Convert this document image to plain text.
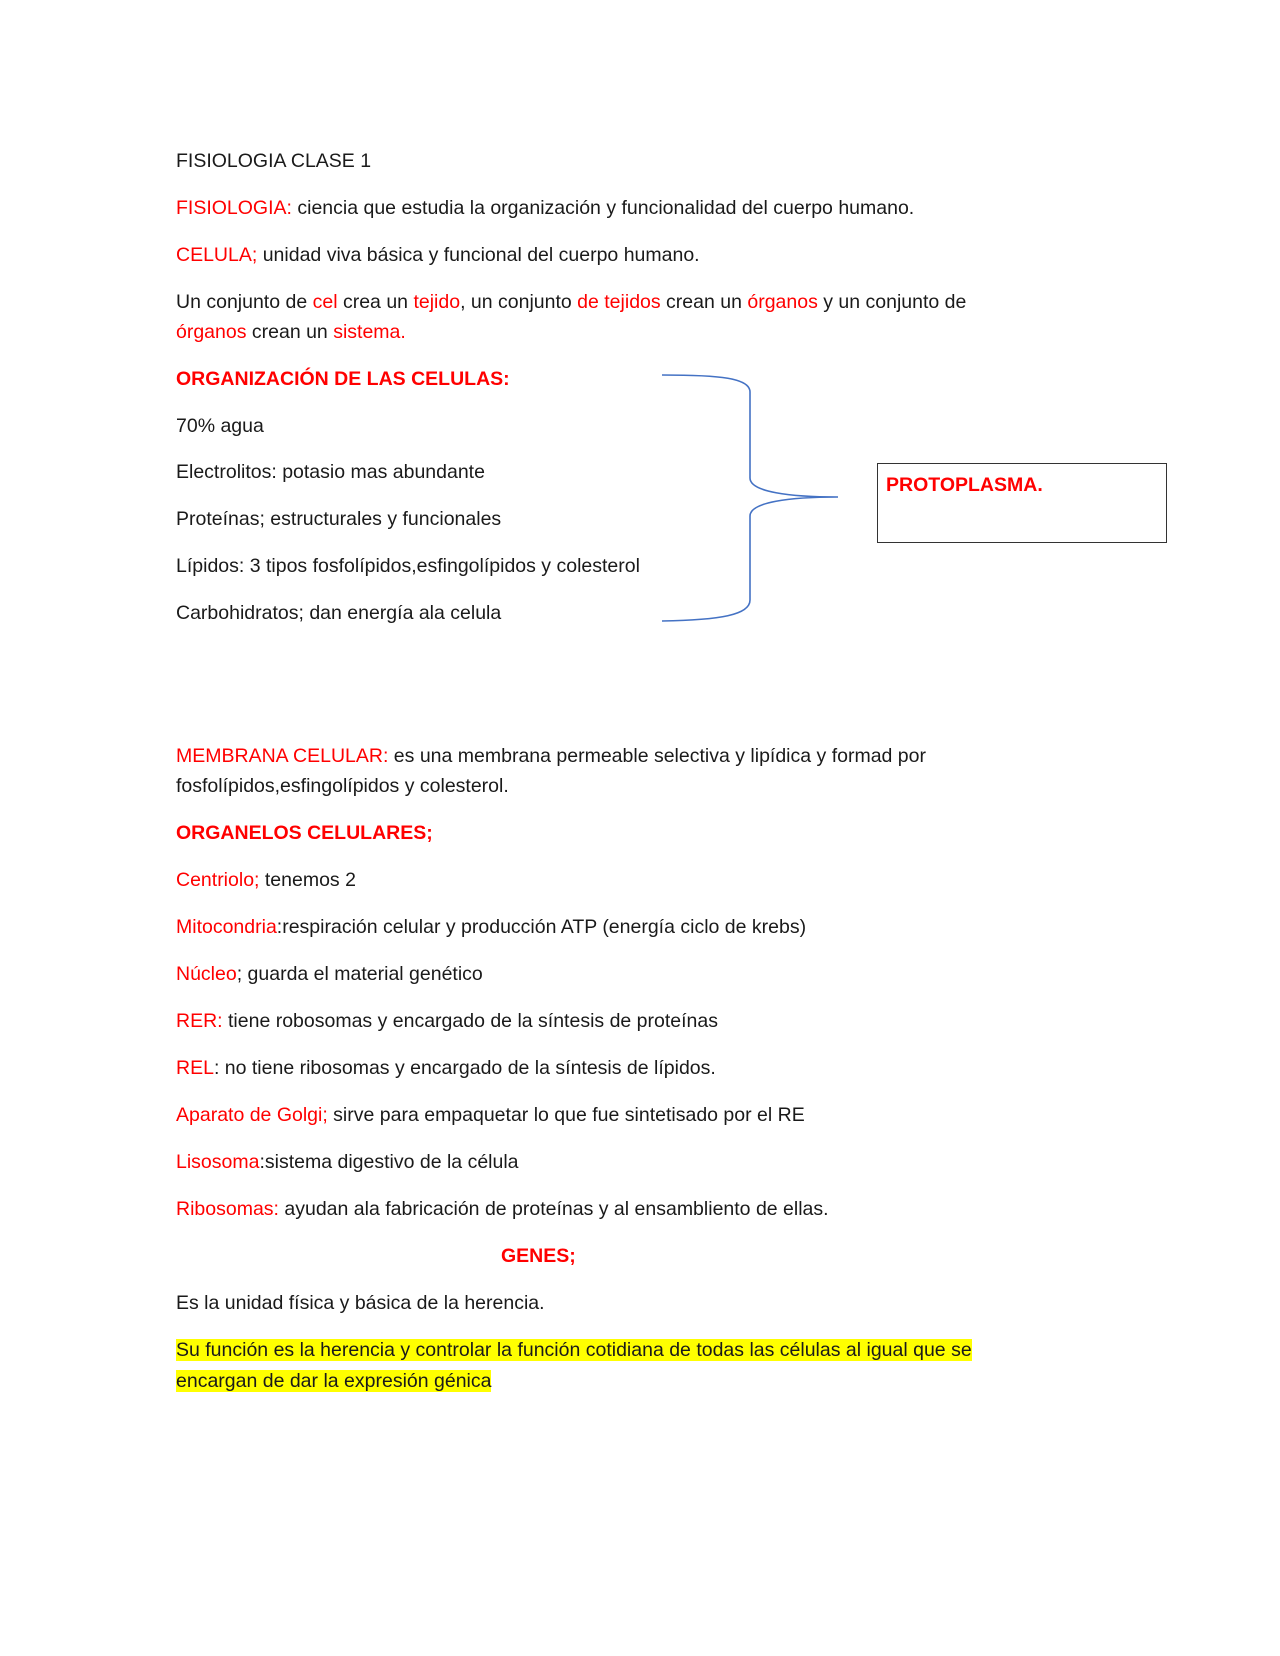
FISIOLOGIA CLASE 1
FISIOLOGIA: ciencia que estudia la organización y funcionalidad del cuerpo humano.
CELULA; unidad viva básica y funcional del cuerpo humano.
Un conjunto de cel crea un tejido, un conjunto de tejidos crean un órganos y un conjunto de
órganos crean un sistema.
ORGANIZACIÓN DE LAS CELULAS:
70% agua
Electrolitos: potasio mas abundante
Proteínas; estructurales y funcionales
Lípidos: 3 tipos fosfolípidos,esfingolípidos y colesterol
Carbohidratos; dan energía ala celula
PROTOPLASMA.
MEMBRANA CELULAR: es una membrana permeable selectiva y lipídica y formad por
fosfolípidos,esfingolípidos y colesterol.
ORGANELOS CELULARES;
Centriolo; tenemos 2
Mitocondria:respiración celular y producción ATP (energía ciclo de krebs)
Núcleo; guarda el material genético
RER: tiene robosomas y encargado de la síntesis de proteínas
REL: no tiene ribosomas y encargado de la síntesis de lípidos.
Aparato de Golgi; sirve para empaquetar lo que fue sintetisado por el RE
Lisosoma:sistema digestivo de la célula
Ribosomas: ayudan ala fabricación de proteínas y al ensambliento de ellas.
GENES;
Es la unidad física y básica de la herencia.
Su función es la herencia y controlar la función cotidiana de todas las células al igual que se
encargan de dar la expresión génica
